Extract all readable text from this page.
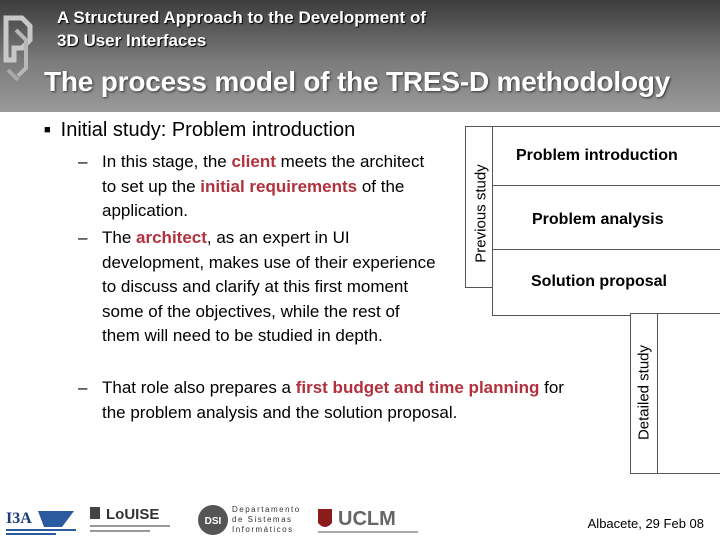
A Structured Approach to the Development of
3D User Interfaces
The process model of the TRES-D methodology

■ Initial study: Problem introduction

– In this stage, the client meets the architect to set up the initial requirements of the application.

– The architect, as an expert in UI development, makes use of their experience to discuss and clarify at this first moment some of the objectives, while the rest of them will need to be studied in depth.

– That role also prepares a first budget and time planning for the problem analysis and the solution proposal.

Previous study
Problem introduction
Problem analysis
Solution proposal
Detailed study
I3A	LoUISE	DSI
Departamento de Sistemas Informáticos	UCLM	Albacete, 29 Feb 08
